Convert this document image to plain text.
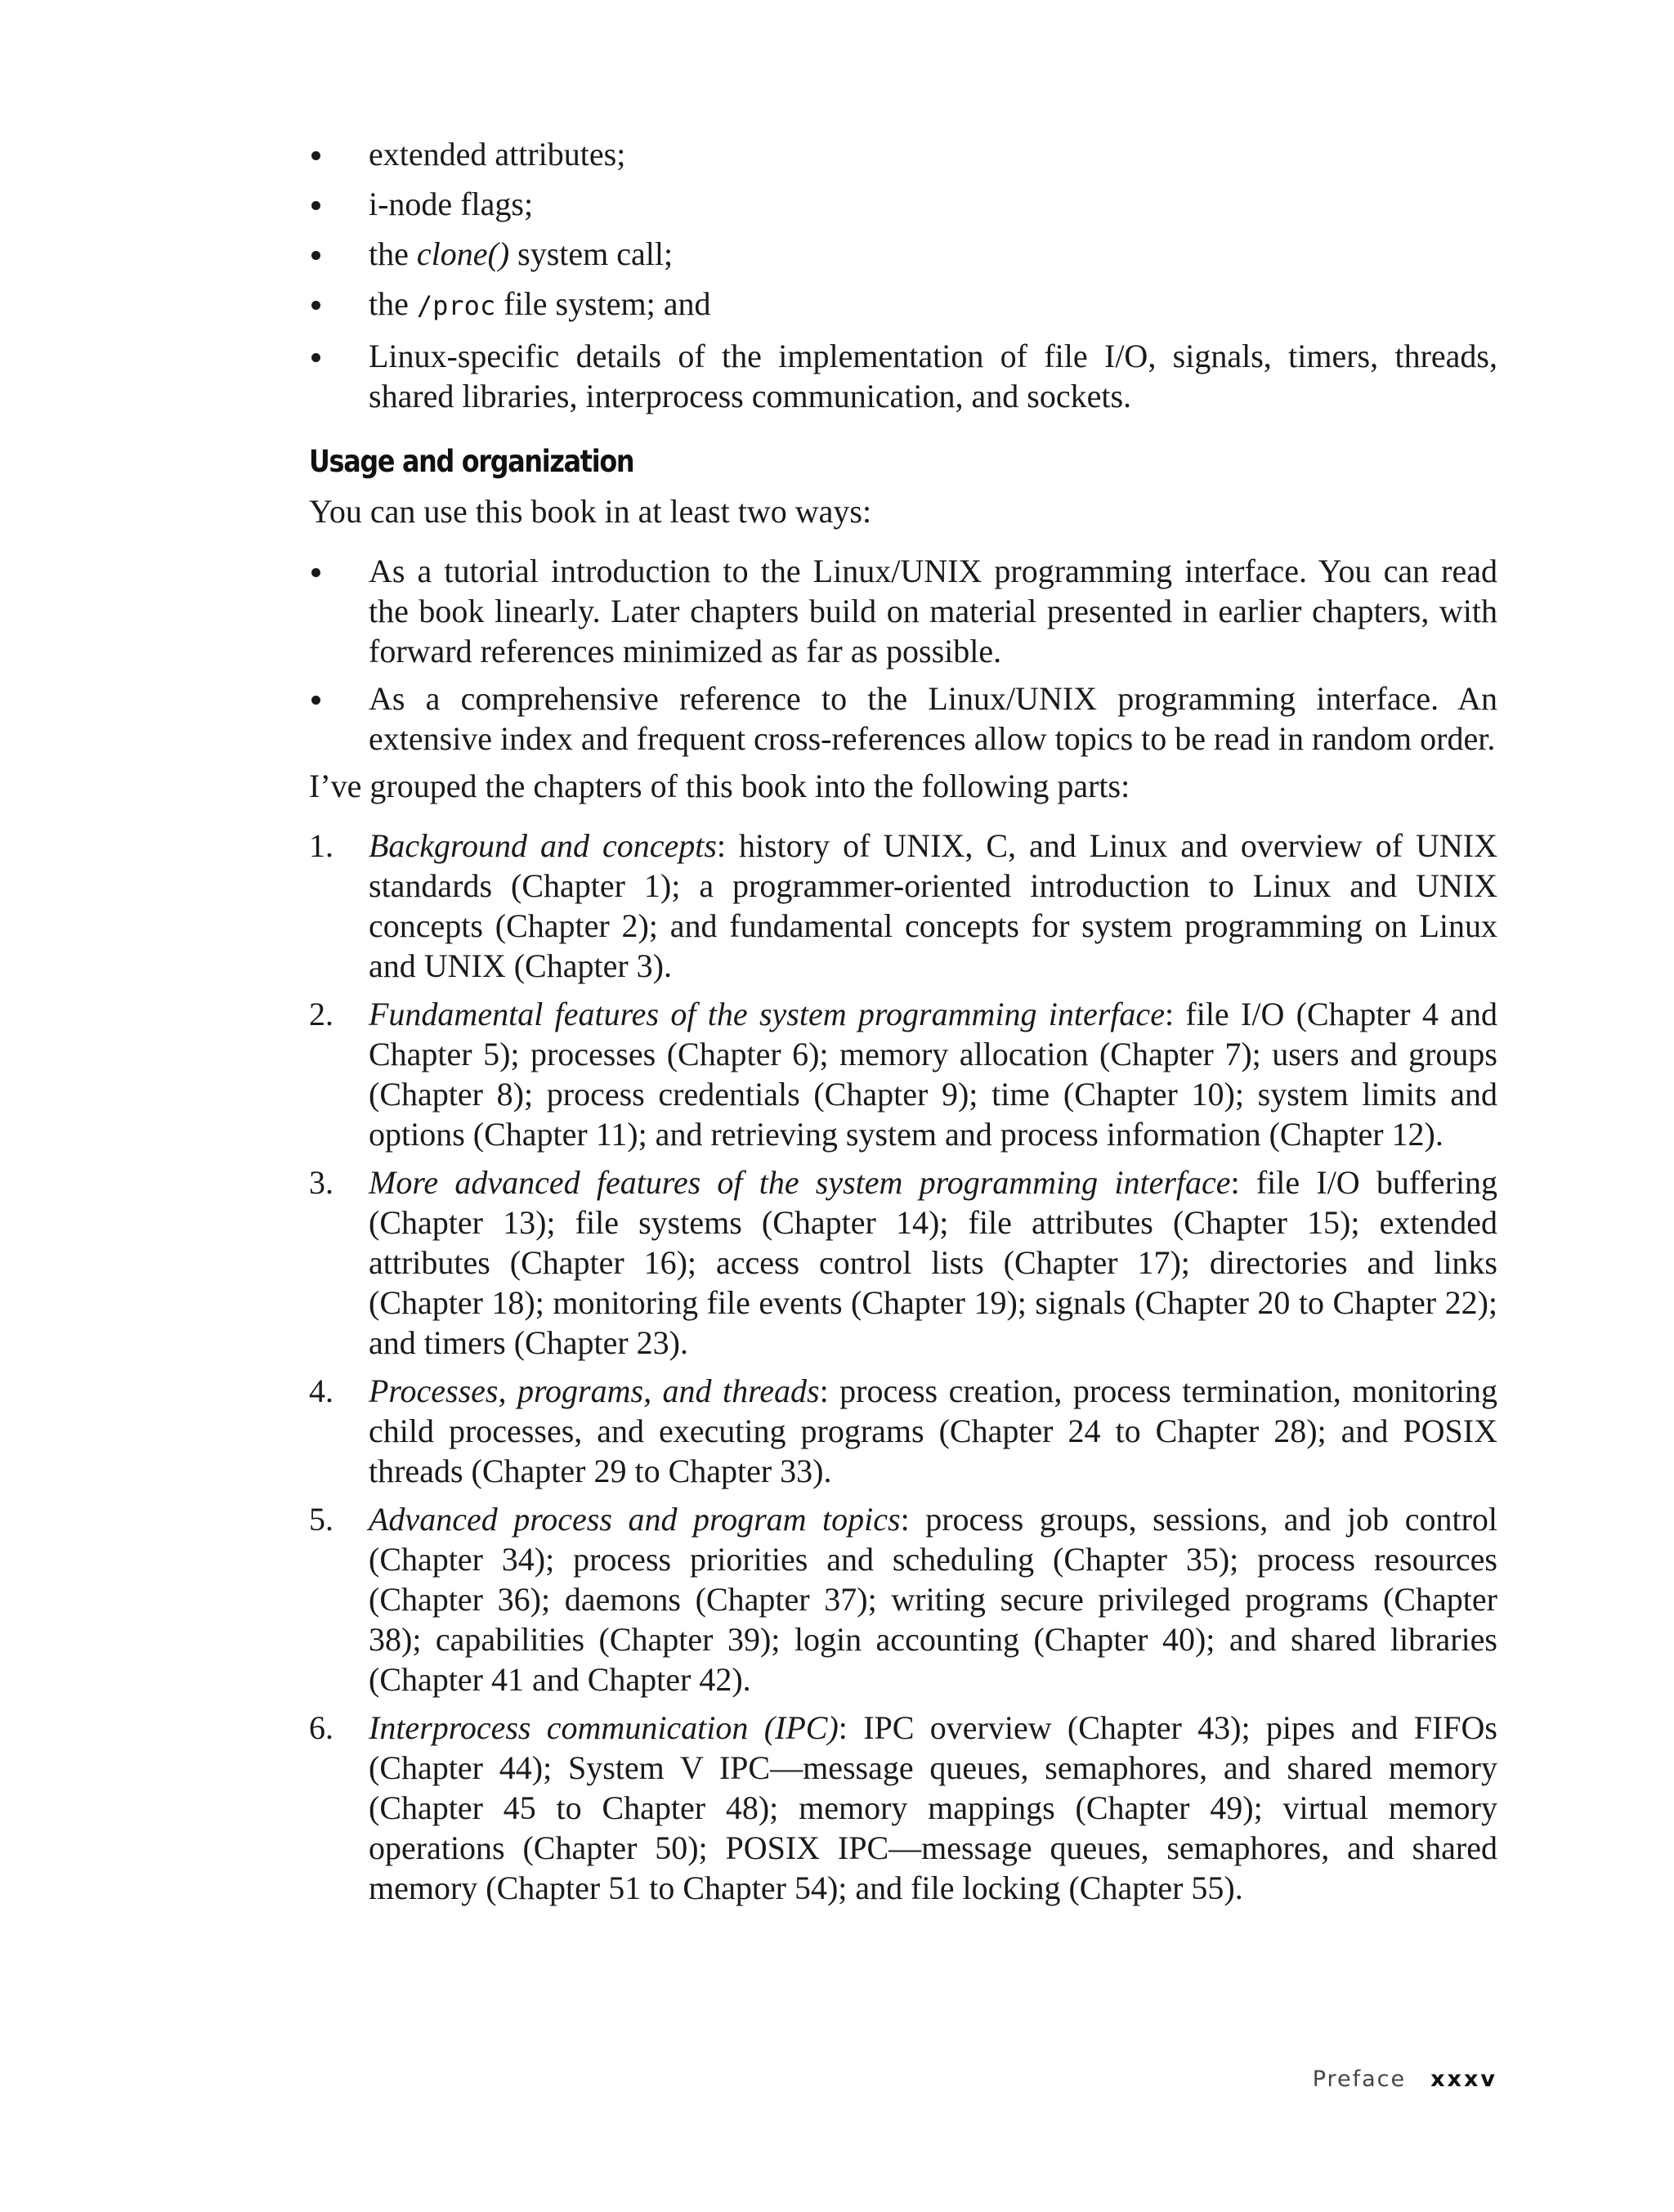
extended attributes;
i-node flags;
the clone() system call;
the /proc file system; and
Linux-specific details of the implementation of file I/O, signals, timers, threads, shared libraries, interprocess communication, and sockets.
Usage and organization

You can use this book in at least two ways:

As a tutorial introduction to the Linux/UNIX programming interface. You can read the book linearly. Later chapters build on material presented in earlier chapters, with forward references minimized as far as possible.
As a comprehensive reference to the Linux/UNIX programming interface. An extensive index and frequent cross-references allow topics to be read in random order.

I’ve grouped the chapters of this book into the following parts:

1. Background and concepts: history of UNIX, C, and Linux and overview of UNIX standards (Chapter 1); a programmer-oriented introduction to Linux and UNIX concepts (Chapter 2); and fundamental concepts for system programming on Linux and UNIX (Chapter 3).
2. Fundamental features of the system programming interface: file I/O (Chapter 4 and Chapter 5); processes (Chapter 6); memory allocation (Chapter 7); users and groups (Chapter 8); process credentials (Chapter 9); time (Chapter 10); system limits and options (Chapter 11); and retrieving system and process information (Chapter 12).
3. More advanced features of the system programming interface: file I/O buffering (Chapter 13); file systems (Chapter 14); file attributes (Chapter 15); extended attributes (Chapter 16); access control lists (Chapter 17); directories and links (Chapter 18); monitoring file events (Chapter 19); signals (Chapter 20 to Chapter 22); and timers (Chapter 23).
4. Processes, programs, and threads: process creation, process termination, monitoring child processes, and executing programs (Chapter 24 to Chapter 28); and POSIX threads (Chapter 29 to Chapter 33).
5. Advanced process and program topics: process groups, sessions, and job control (Chapter 34); process priorities and scheduling (Chapter 35); process resources (Chapter 36); daemons (Chapter 37); writing secure privileged programs (Chapter 38); capabilities (Chapter 39); login accounting (Chapter 40); and shared libraries (Chapter 41 and Chapter 42).
6. Interprocess communication (IPC): IPC overview (Chapter 43); pipes and FIFOs (Chapter 44); System V IPC—message queues, semaphores, and shared memory (Chapter 45 to Chapter 48); memory mappings (Chapter 49); virtual memory operations (Chapter 50); POSIX IPC—message queues, semaphores, and shared memory (Chapter 51 to Chapter 54); and file locking (Chapter 55).
Preface xxxv
